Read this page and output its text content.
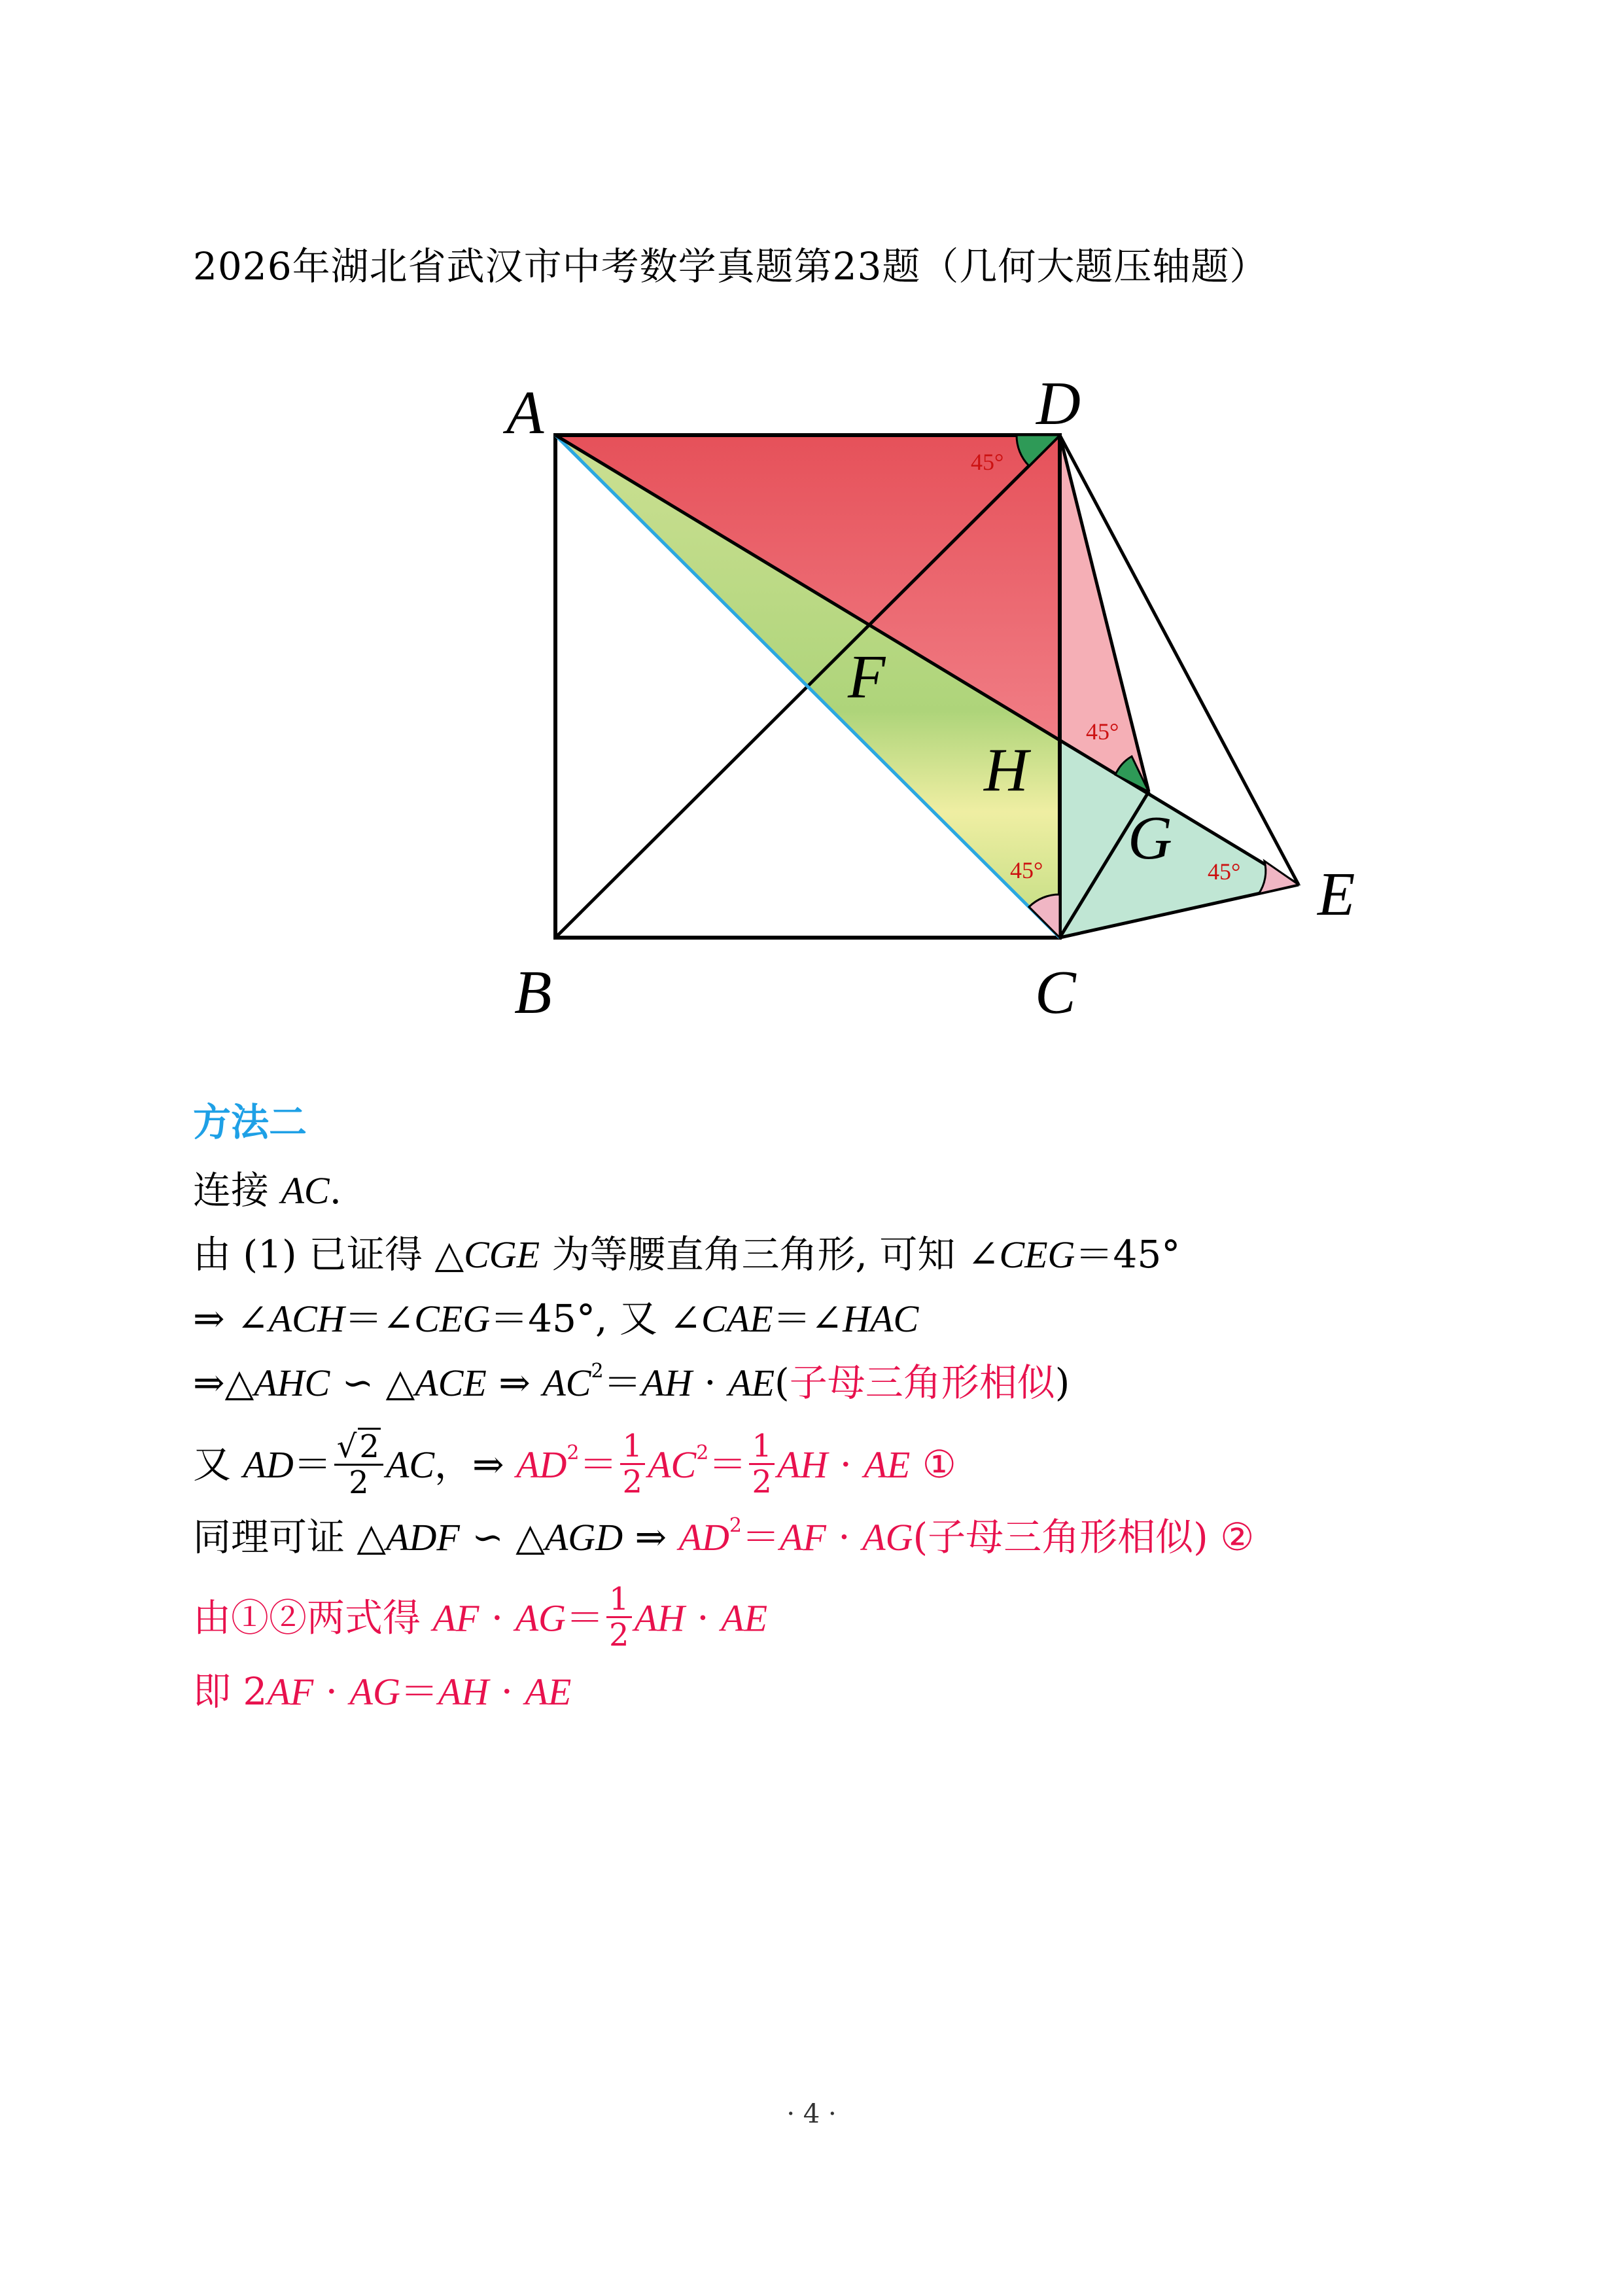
2026年湖北省武汉市中考数学真题第23题（几何大题压轴题）
45°
45°
45°	45°
A
B	C
D
E
F
G
H
方法二
连接 AC.
由 (1) 已证得 △CGE 为等腰直角三角形, 可知 ∠CEG＝45°
⇒ ∠ACH＝∠CEG＝45°, 又 ∠CAE＝∠HAC
⇒△AHC ∽ △ACE ⇒ $AC^2=AH \cdot AE$(子母三角形相似)
又 $AD= \frac{√2}{2}$ AC，⇒ $AD^2= \frac{1}{2} AC^2= \frac{1}{2}$ AH · AE ①
同理可证 △ADF ∽ △AGD ⇒ $AD^2=AF \cdot AG$(子母三角形相似) ②
由①②两式得 AF · $AG= \frac{1}{2}$ AH · AE
即 2AF · AG＝AH · AE
· 4 ·
